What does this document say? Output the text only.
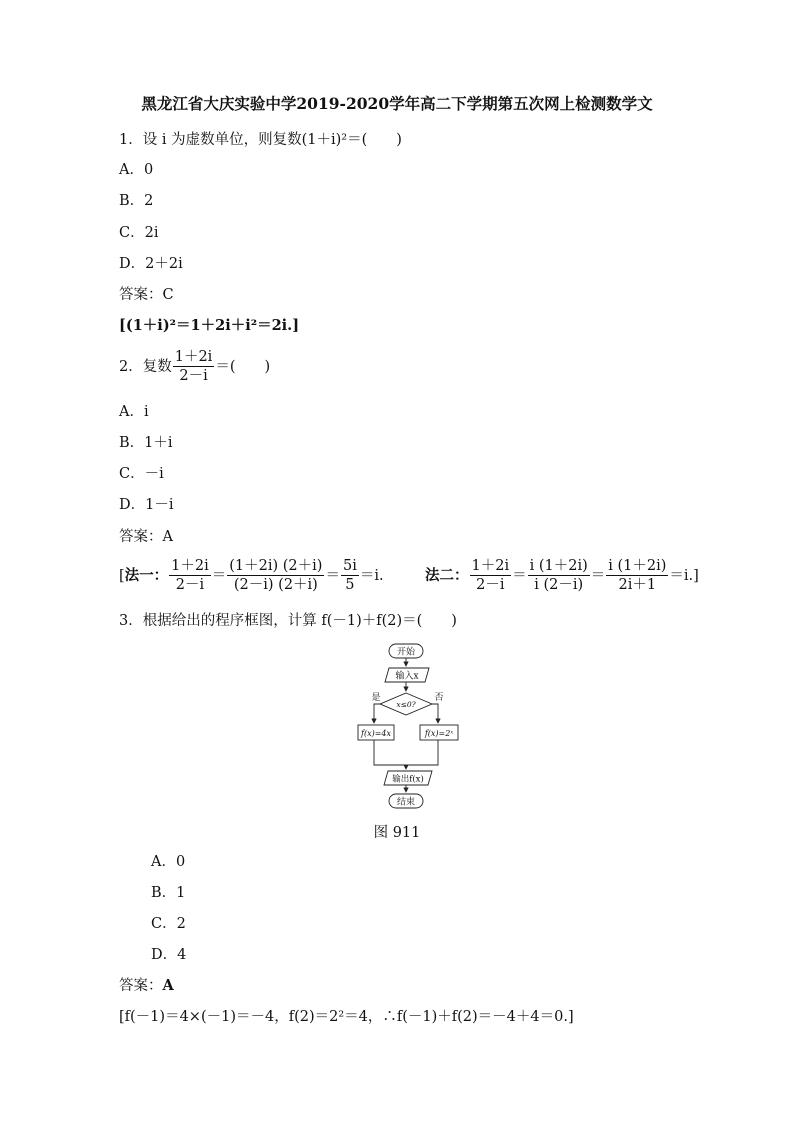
黑龙江省大庆实验中学2019-2020学年高二下学期第五次网上检测数学文
1．设 i 为虚数单位，则复数(1＋i)²＝(　　)
A．0
B．2
C．2i
D．2＋2i
答案：C
[(1＋i)²＝1＋2i＋i²＝2i.]
2．复数 $\frac{1+2i}{2-i}$ ＝(　　)
A．i
B．1＋i
C．－i
D．1－i
答案：A
[法一： $\frac{1+2i}{2-i} = \frac{(1+2i) (2+i)}{(2-i) (2+i)} = \frac{5i}{5} =i$.	法二： $\frac{1+2i}{2-i} = \frac{i (1+2i)}{i (2-i)} = \frac{i (1+2i)}{2i+1} =i$.]
3．根据给出的程序框图，计算 f(－1)＋f(2)＝(　　)
开始
输入x
x≤0?
是	否
f(x)=4x	f(x)=2ˣ
输出f(x)
结束
图 911
A．0
B．1
C．2
D．4
答案：A
[f(－1)＝4×(－1)＝－4，f(2)＝2²＝4，∴f(－1)＋f(2)＝－4＋4＝0.]
